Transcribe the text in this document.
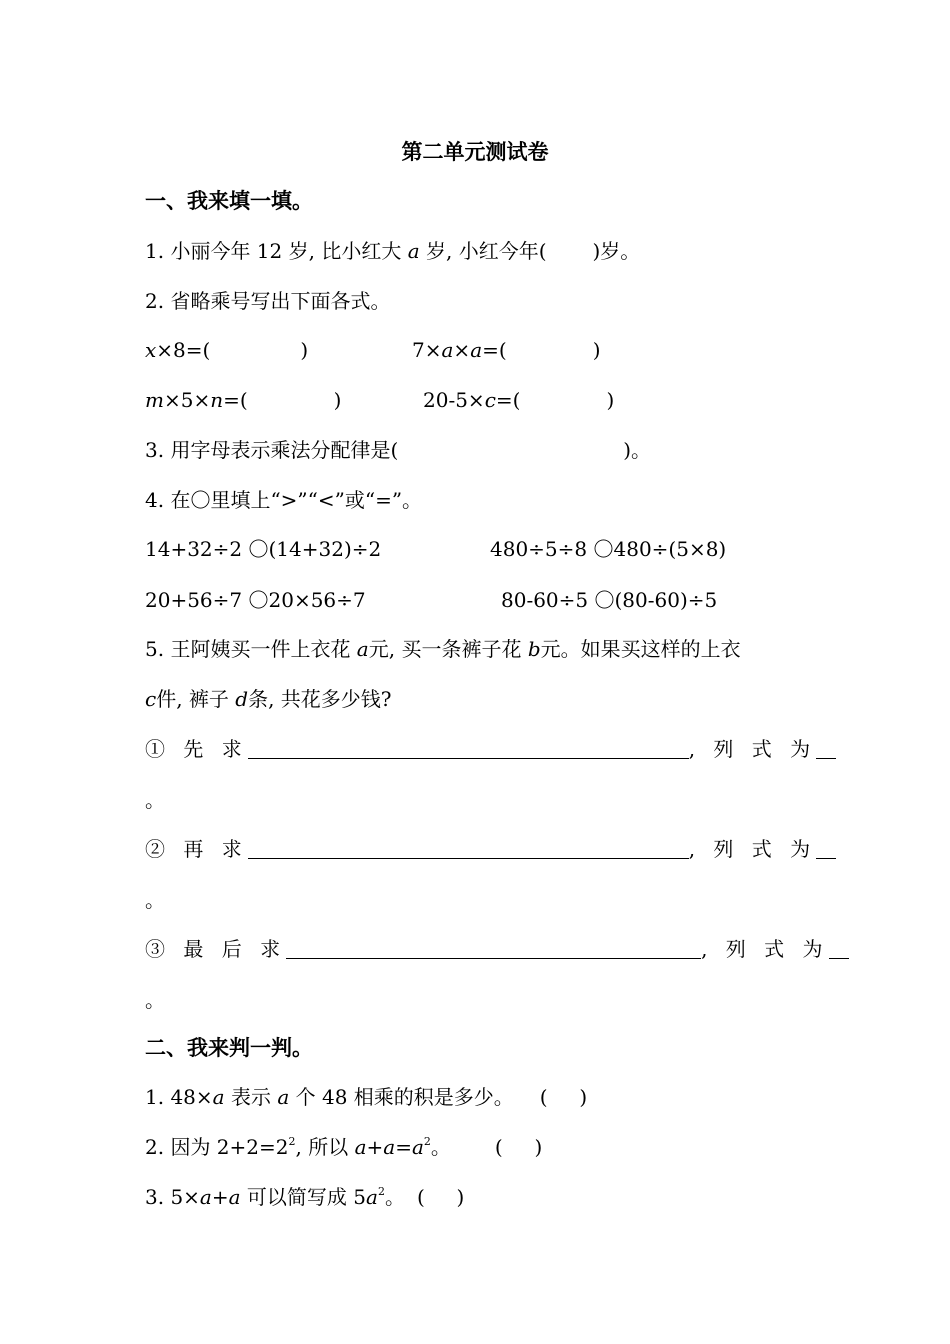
第二单元测试卷
一、我来填一填。
1. 小丽今年 12 岁, 比小红大 a 岁, 小红今年( )岁。
2. 省略乘号写出下面各式。
x×8=(	)	7×a×a=(	)
m×5×n=(	)	20-5×c=(	)
3. 用字母表示乘法分配律是(	)。
4. 在〇里填上“>”“<”或“=”。
14+32÷2 〇(14+32)÷2	480÷5÷8 〇480÷(5×8)
20+56÷7 〇20×56÷7	80-60÷5 〇(80-60)÷5
5. 王阿姨买一件上衣花 a元, 买一条裤子花 b元。如果买这样的上衣
c件, 裤子 d条, 共花多少钱?
① 先 求	, 列 式 为
。
② 再 求	, 列 式 为
。
③ 最 后 求	, 列 式 为
。
二、我来判一判。
1. 48×a 表示 a 个 48 相乘的积是多少。 (     )
2. 因为 $2+2=2^2$, 所以 $a+a=a^2$。 (     )
3. 5×a+a 可以简写成 $5a^2$。 (     )
